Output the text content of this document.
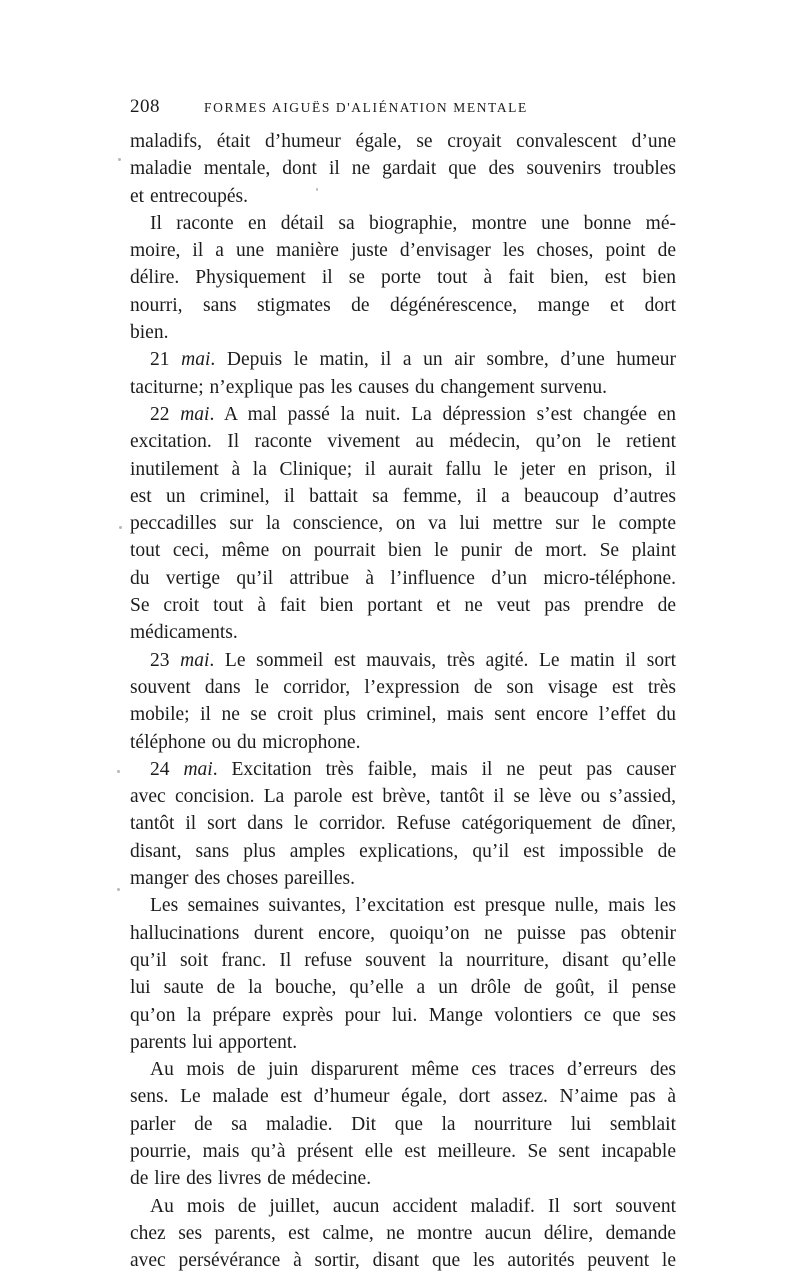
208	FORMES AIGUËS D'ALIÉNATION MENTALE
maladifs, était d’humeur égale, se croyait convalescent d’une
maladie mentale, dont il ne gardait que des souvenirs troubles
et entrecoupés.
Il raconte en détail sa biographie, montre une bonne mé-
moire, il a une manière juste d’envisager les choses, point de
délire. Physiquement il se porte tout à fait bien, est bien
nourri, sans stigmates de dégénérescence, mange et dort
bien.
21 mai. Depuis le matin, il a un air sombre, d’une humeur
taciturne; n’explique pas les causes du changement survenu.
22 mai. A mal passé la nuit. La dépression s’est changée en
excitation. Il raconte vivement au médecin, qu’on le retient
inutilement à la Clinique; il aurait fallu le jeter en prison, il
est un criminel, il battait sa femme, il a beaucoup d’autres
peccadilles sur la conscience, on va lui mettre sur le compte
tout ceci, même on pourrait bien le punir de mort. Se plaint
du vertige qu’il attribue à l’influence d’un micro-téléphone.
Se croit tout à fait bien portant et ne veut pas prendre de
médicaments.
23 mai. Le sommeil est mauvais, très agité. Le matin il sort
souvent dans le corridor, l’expression de son visage est très
mobile; il ne se croit plus criminel, mais sent encore l’effet du
téléphone ou du microphone.
24 mai. Excitation très faible, mais il ne peut pas causer
avec concision. La parole est brève, tantôt il se lève ou s’assied,
tantôt il sort dans le corridor. Refuse catégoriquement de dîner,
disant, sans plus amples explications, qu’il est impossible de
manger des choses pareilles.
Les semaines suivantes, l’excitation est presque nulle, mais les
hallucinations durent encore, quoiqu’on ne puisse pas obtenir
qu’il soit franc. Il refuse souvent la nourriture, disant qu’elle
lui saute de la bouche, qu’elle a un drôle de goût, il pense
qu’on la prépare exprès pour lui. Mange volontiers ce que ses
parents lui apportent.
Au mois de juin disparurent même ces traces d’erreurs des
sens. Le malade est d’humeur égale, dort assez. N’aime pas à
parler de sa maladie. Dit que la nourriture lui semblait
pourrie, mais qu’à présent elle est meilleure. Se sent incapable
de lire des livres de médecine.
Au mois de juillet, aucun accident maladif. Il sort souvent
chez ses parents, est calme, ne montre aucun délire, demande
avec persévérance à sortir, disant que les autorités peuvent le
